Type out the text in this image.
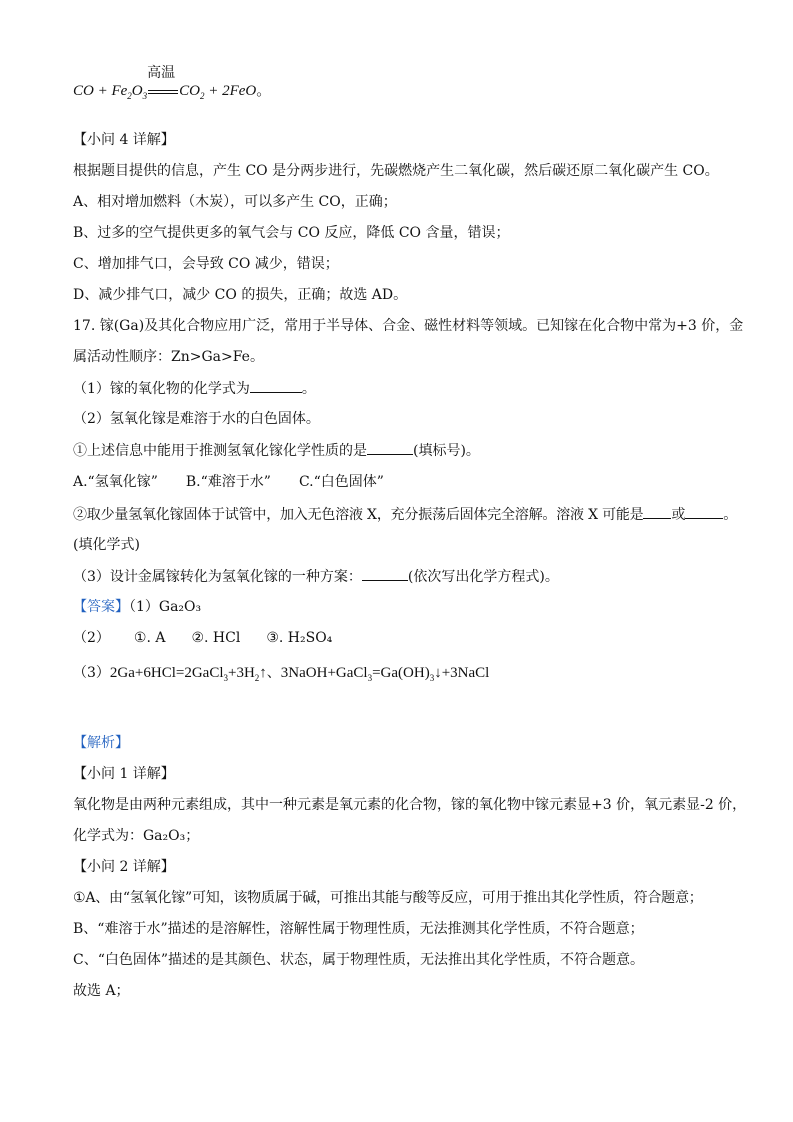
CO + $Fe_2O_3$
高温
$CO_2 + 2FeO$。
【小问 4 详解】
根据题目提供的信息，产生 CO 是分两步进行，先碳燃烧产生二氧化碳，然后碳还原二氧化碳产生 CO。
A、相对增加燃料（木炭），可以多产生 CO，正确；
B、过多的空气提供更多的氧气会与 CO 反应，降低 CO 含量，错误；
C、增加排气口，会导致 CO 减少，错误；
D、减少排气口，减少 CO 的损失，正确；故选 AD。
17. 镓(Ga)及其化合物应用广泛，常用于半导体、合金、磁性材料等领域。已知镓在化合物中常为+3 价，金
属活动性顺序：Zn>Ga>Fe。
（1）镓的氧化物的化学式为	。
（2）氢氧化镓是难溶于水的白色固体。
①上述信息中能用于推测氢氧化镓化学性质的是	(填标号)。
A.“氢氧化镓” B.“难溶于水” C.“白色固体”
②取少量氢氧化镓固体于试管中，加入无色溶液 X，充分振荡后固体完全溶解。溶液 X 可能是 或	。
(填化学式)
（3）设计金属镓转化为氢氧化镓的一种方案：	(依次写出化学方程式)。
【答案】（1）Ga₂O₃
（2） ①. A ②. HCl ③. H₂SO₄
$(3)2Ga+6HCl=2GaCl_3+3H_2↑$、$3NaOH+GaCl_3=Ga(OH)_3↓+3NaCl$
【解析】
【小问 1 详解】
氧化物是由两种元素组成，其中一种元素是氧元素的化合物，镓的氧化物中镓元素显+3 价，氧元素显-2 价，
化学式为：Ga₂O₃；
【小问 2 详解】
①A、由“氢氧化镓”可知，该物质属于碱，可推出其能与酸等反应，可用于推出其化学性质，符合题意；
B、“难溶于水”描述的是溶解性，溶解性属于物理性质，无法推测其化学性质，不符合题意；
C、“白色固体”描述的是其颜色、状态，属于物理性质，无法推出其化学性质，不符合题意。
故选 A；
